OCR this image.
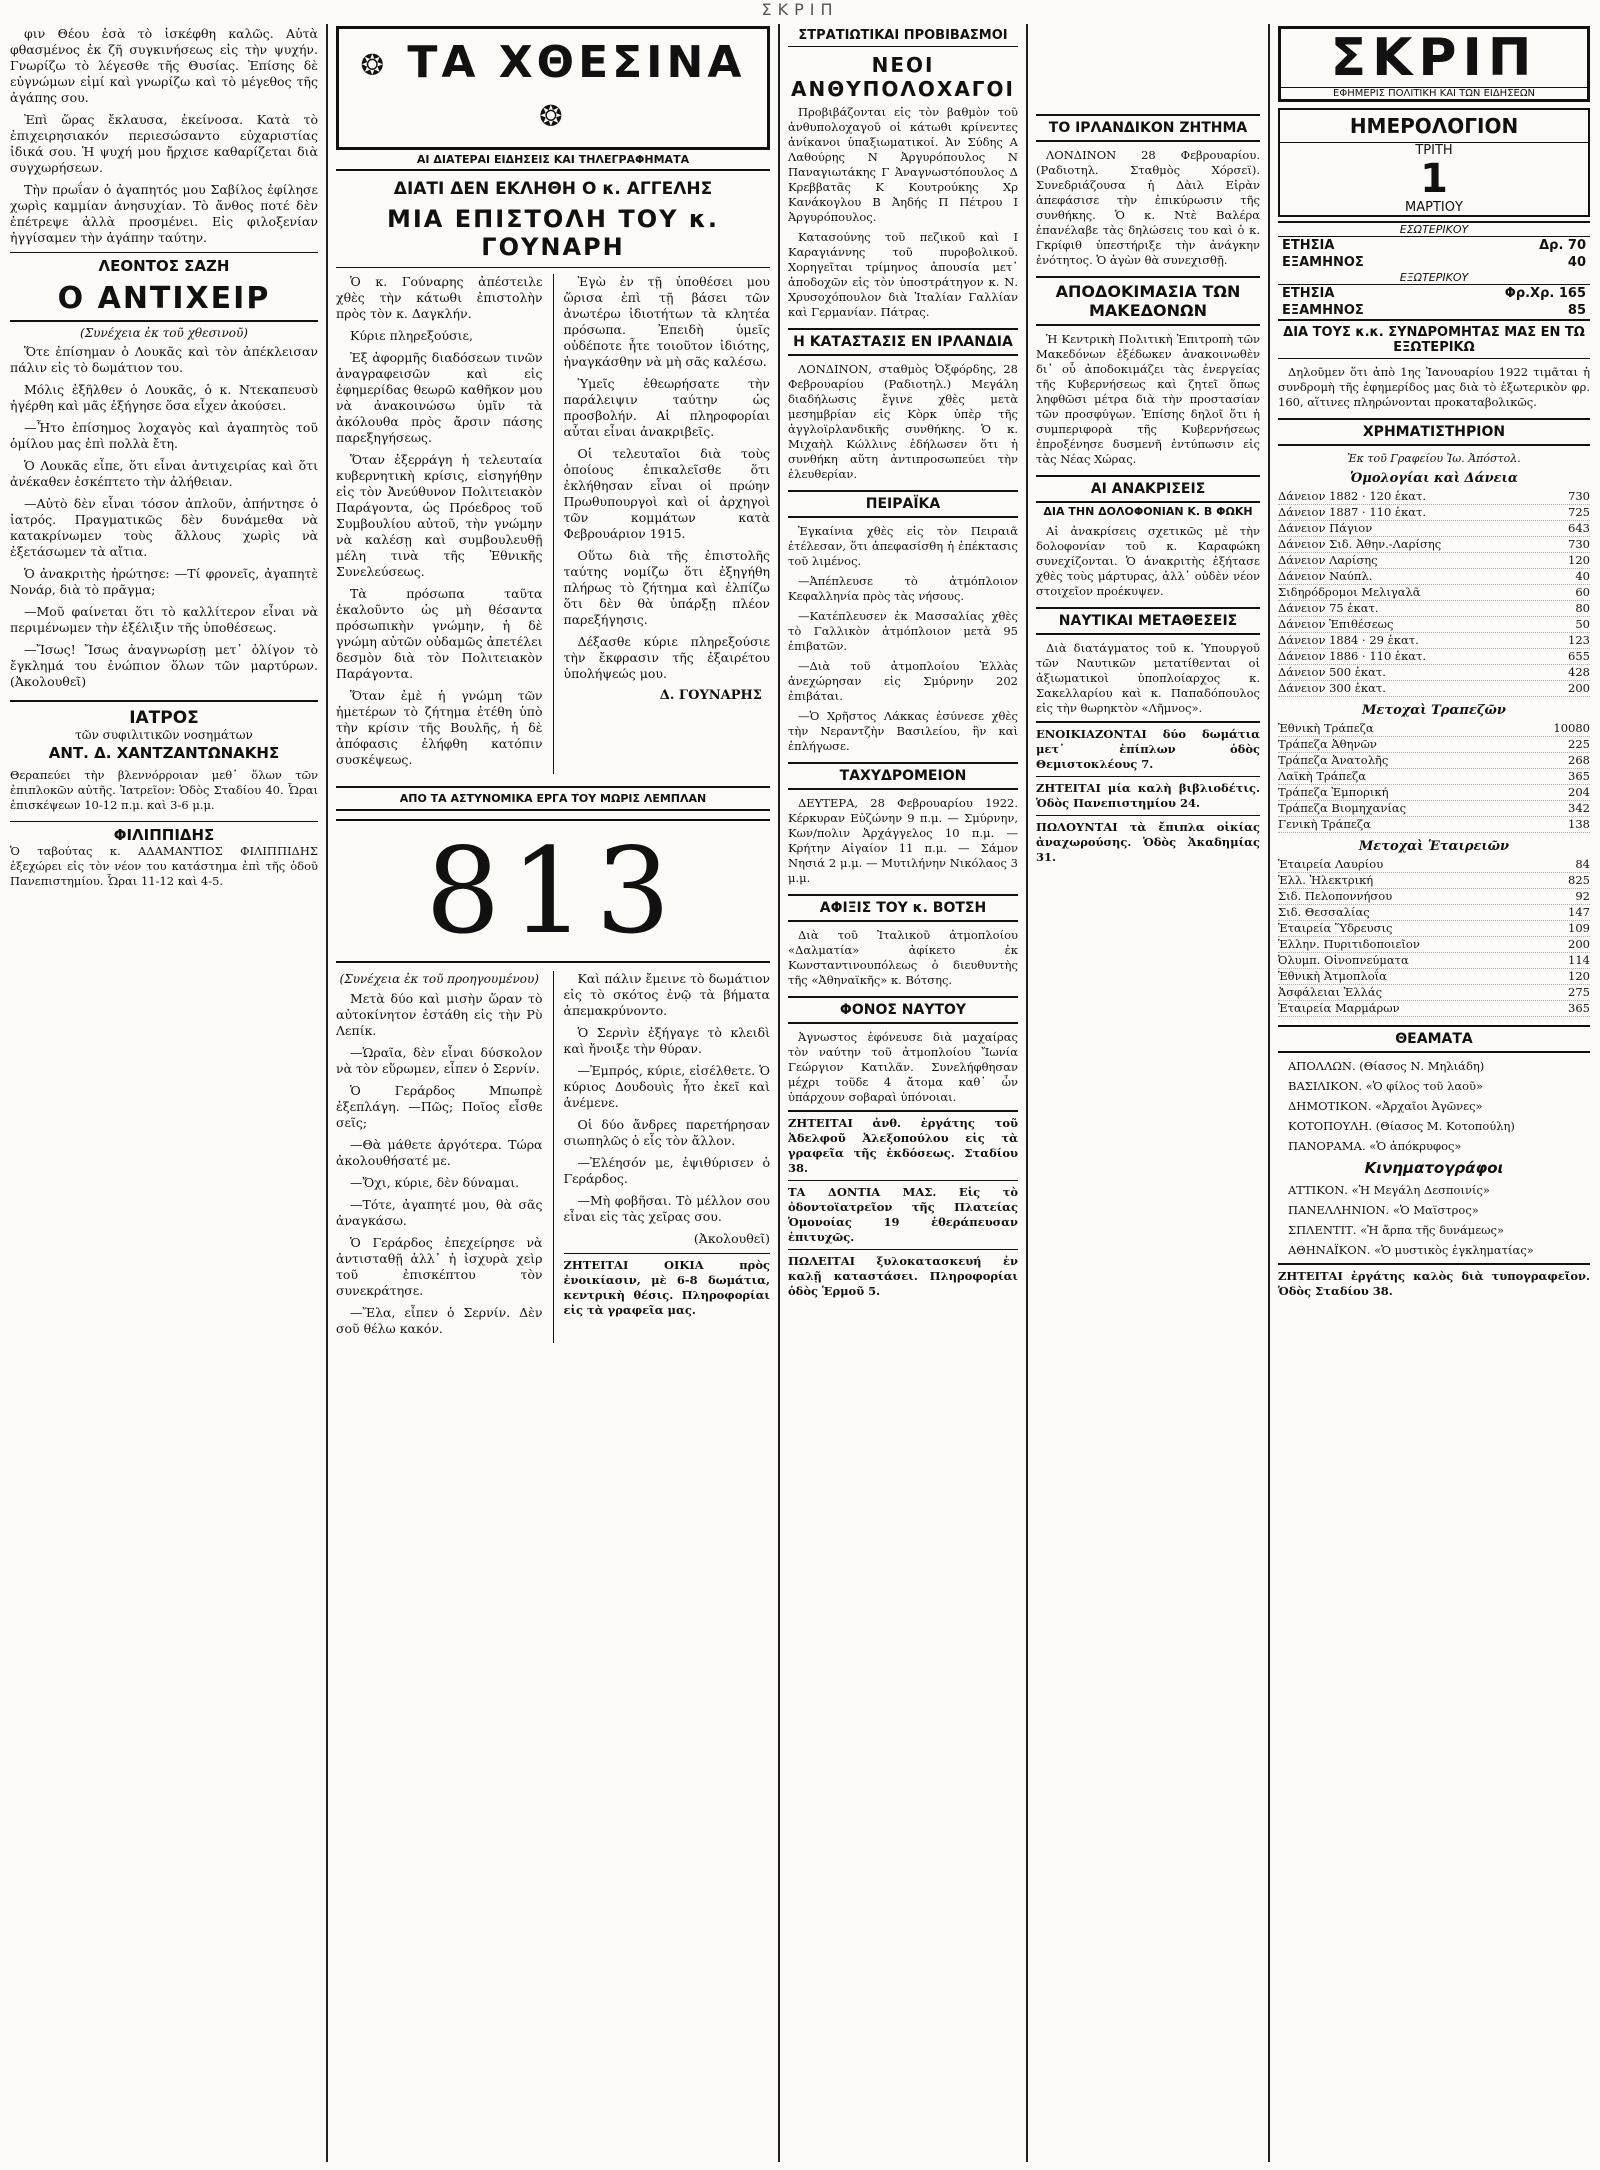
ΣΚΡΙΠ

φιν Θέου ἑσὰ τὸ ἰσκέφθη καλῶς. Αὐτὰ φθασμένος ἐκ ζῆ συγκινήσεως εἰς τὴν ψυχήν. Γνωρίζω τὸ λέγεσθε τῆς Θυσίας. Ἐπίσης δὲ εὐγνώμων εἰμί καὶ γνωρίζω καὶ τὸ μέγεθος τῆς ἀγάπης σου.

Ἐπὶ ὥρας ἔκλαυσα, ἐκείνοσα. Κατὰ τὸ ἐπιχειρησιακόν περιεσώσαντο εὐχαριστίας ἰδικά σου. Ἡ ψυχή μου ἤρχισε καθαρίζεται διὰ συγχωρήσεων.

Τὴν πρωΐαν ὁ ἀγαπητός μου Σαβίλος ἐφίλησε χωρὶς καμμίαν ἀνησυχίαν. Τὸ ἄνθος ποτέ δὲν ἐπέτρεψε ἀλλὰ προσμένει. Εἰς φιλοξενίαν ἠγγίσαμεν τὴν ἀγάπην ταύτην.

ΛΕΟΝΤΟΣ ΣΑΖΗ
Ο ΑΝΤΙΧΕΙΡ
(Συνέχεια ἐκ τοῦ χθεσινοῦ)

Ὅτε ἐπίσημαν ὁ Λουκᾶς καὶ τὸν ἀπέκλεισαν πάλιν εἰς τὸ δωμάτιον του.

Μόλις ἐξῆλθεν ὁ Λουκᾶς, ὁ κ. Ντεκαπευσὺ ἠγέρθη καὶ μᾶς ἐξήγησε ὅσα εἶχεν ἀκούσει.

—Ἦτο ἐπίσημος λοχαγὸς καὶ ἀγαπητὸς τοῦ ὁμίλου μας ἐπὶ πολλὰ ἔτη.

Ὁ Λουκᾶς εἶπε, ὅτι εἶναι ἀντιχειρίας καὶ ὅτι ἀνέκαθεν ἐσκέπτετο τὴν ἀλήθειαν.

—Αὐτὸ δὲν εἶναι τόσον ἀπλοῦν, ἀπήντησε ὁ ἰατρός. Πραγματικῶς δὲν δυνάμεθα νὰ κατακρίνωμεν τοὺς ἄλλους χωρὶς νὰ ἐξετάσωμεν τὰ αἴτια.

Ὁ ἀνακριτὴς ἠρώτησε: —Τί φρονεῖς, ἀγαπητὲ Νονάρ, διὰ τὸ πρᾶγμα;

—Μοῦ φαίνεται ὅτι τὸ καλλίτερον εἶναι νὰ περιμένωμεν τὴν ἐξέλιξιν τῆς ὑποθέσεως.

—Ἴσως! Ἴσως ἀναγνωρίσῃ μετ᾽ ὀλίγον τὸ ἔγκλημά του ἐνώπιον ὅλων τῶν μαρτύρων. (Ἀκολουθεῖ)

ΙΑΤΡΟΣ
τῶν συφιλιτικῶν νοσημάτων
ΑΝΤ. Δ. ΧΑΝΤΖΑΝΤΩΝΑΚΗΣ
Θεραπεύει τὴν βλεννόρροιαν μεθ᾽ ὅλων τῶν ἐπιπλοκῶν αὐτῆς. Ἰατρεῖον: Ὁδὸς Σταδίου 40. Ὧραι ἐπισκέψεων 10-12 π.μ. καὶ 3-6 μ.μ.
ΦΙΛΙΠΠΙΔΗΣ
Ὁ ταβούτας κ. ΑΔΑΜΑΝΤΙΟΣ ΦΙΛΙΠΠΙΔΗΣ ἐξεχώρει εἰς τὸν νέον του κατάστημα ἐπὶ τῆς ὁδοῦ Πανεπιστημίου. Ὧραι 11-12 καὶ 4-5.
❂ ΤΑ ΧΘΕΣΙΝΑ ❂
ΑΙ ΔΙΑΤΕΡΑΙ ΕΙΔΗΣΕΙΣ ΚΑΙ ΤΗΛΕΓΡΑΦΗΜΑΤΑ
ΔΙΑΤΙ ΔΕΝ ΕΚΛΗΘΗ Ο κ. ΑΓΓΕΛΗΣ
ΜΙΑ ΕΠΙΣΤΟΛΗ ΤΟΥ κ. ΓΟΥΝΑΡΗ

Ὁ κ. Γούναρης ἀπέστειλε χθὲς τὴν κάτωθι ἐπιστολὴν πρὸς τὸν κ. Δαγκλήν.

Κύριε πληρεξούσιε,

Ἐξ ἀφορμῆς διαδόσεων τινῶν ἀναγραφεισῶν καὶ εἰς ἐφημερίδας θεωρῶ καθῆκον μου νὰ ἀνακοινώσω ὑμῖν τὰ ἀκόλουθα πρὸς ἄρσιν πάσης παρεξηγήσεως.

Ὅταν ἐξερράγη ἡ τελευταία κυβερνητικὴ κρίσις, εἰσηγήθην εἰς τὸν Ἀνεύθυνον Πολιτειακὸν Παράγοντα, ὡς Πρόεδρος τοῦ Συμβουλίου αὐτοῦ, τὴν γνώμην νὰ καλέσῃ καὶ συμβουλευθῇ μέλη τινὰ τῆς Ἐθνικῆς Συνελεύσεως.

Τὰ πρόσωπα ταῦτα ἐκαλοῦντο ὡς μὴ θέσαντα πρόσωπικὴν γνώμην, ἡ δὲ γνώμη αὐτῶν οὐδαμῶς ἀπετέλει δεσμὸν διὰ τὸν Πολιτειακὸν Παράγοντα.

Ὅταν ἐμὲ ἡ γνώμη τῶν ἡμετέρων τὸ ζήτημα ἐτέθη ὑπὸ τὴν κρίσιν τῆς Βουλῆς, ἡ δὲ ἀπόφασις ἐλήφθη κατόπιν συσκέψεως.

Ἐγὼ ἐν τῇ ὑποθέσει μου ὥρισα ἐπὶ τῇ βάσει τῶν ἀνωτέρω ἰδιοτήτων τὰ κλητέα πρόσωπα. Ἐπειδὴ ὑμεῖς οὐδέποτε ἦτε τοιοῦτον ἰδιότης, ἠναγκάσθην νὰ μὴ σᾶς καλέσω.

Ὑμεῖς ἐθεωρήσατε τὴν παράλειψιν ταύτην ὡς προσβολήν. Αἱ πληροφορίαι αὗται εἶναι ἀνακριβεῖς.

Οἱ τελευταῖοι διὰ τοὺς ὁποίους ἐπικαλεῖσθε ὅτι ἐκλήθησαν εἶναι οἱ πρώην Πρωθυπουργοὶ καὶ οἱ ἀρχηγοὶ τῶν κομμάτων κατὰ Φεβρουάριον 1915.

Οὕτω διὰ τῆς ἐπιστολῆς ταύτης νομίζω ὅτι ἐξηγήθη πλήρως τὸ ζήτημα καὶ ἐλπίζω ὅτι δὲν θὰ ὑπάρξῃ πλέον παρεξήγησις.

Δέξασθε κύριε πληρεξούσιε τὴν ἔκφρασιν τῆς ἐξαιρέτου ὑπολήψεώς μου.

Δ. ΓΟΥΝΑΡΗΣ
ΑΠΟ ΤΑ ΑΣΤΥΝΟΜΙΚΑ ΕΡΓΑ ΤΟΥ ΜΩΡΙΣ ΛΕΜΠΛΑΝ
813
(Συνέχεια ἐκ τοῦ προηγουμένου)

Μετὰ δύο καὶ μισὴν ὥραν τὸ αὐτοκίνητον ἐστάθη εἰς τὴν Ρὺ Λεπίκ.

—Ὡραῖα, δὲν εἶναι δύσκολον νὰ τὸν εὕρωμεν, εἶπεν ὁ Σερνίν.

Ὁ Γεράρδος Μπωπρὲ ἐξεπλάγη. —Πῶς; Ποῖος εἶσθε σεῖς;

—Θὰ μάθετε ἀργότερα. Τώρα ἀκολουθήσατέ με.

—Ὄχι, κύριε, δὲν δύναμαι.

—Τότε, ἀγαπητέ μου, θὰ σᾶς ἀναγκάσω.

Ὁ Γεράρδος ἐπεχείρησε νὰ ἀντισταθῇ ἀλλ᾽ ἡ ἰσχυρὰ χεὶρ τοῦ ἐπισκέπτου τὸν συνεκράτησε.

—Ἔλα, εἶπεν ὁ Σερνίν. Δὲν σοῦ θέλω κακόν.

Καὶ πάλιν ἔμεινε τὸ δωμάτιον εἰς τὸ σκότος ἐνῷ τὰ βήματα ἀπεμακρύνοντο.

Ὁ Σερνὶν ἐξήγαγε τὸ κλειδὶ καὶ ἤνοιξε τὴν θύραν.

—Ἐμπρός, κύριε, εἰσέλθετε. Ὁ κύριος Δουδουὶς ἦτο ἐκεῖ καὶ ἀνέμενε.

Οἱ δύο ἄνδρες παρετήρησαν σιωπηλῶς ὁ εἷς τὸν ἄλλον.

—Ἐλέησόν με, ἐψιθύρισεν ὁ Γεράρδος.

—Μὴ φοβῆσαι. Τὸ μέλλον σου εἶναι εἰς τὰς χεῖρας σου.

(Ἀκολουθεῖ)

ΖΗΤΕΙΤΑΙ ΟΙΚΙΑ πρὸς ἐνοικίασιν, μὲ 6-8 δωμάτια, κεντρικὴ θέσις. Πληροφορίαι εἰς τὰ γραφεῖα μας.
ΣΤΡΑΤΙΩΤΙΚΑΙ ΠΡΟΒΙΒΑΣΜΟΙ
ΝΕΟΙ ΑΝΘΥΠΟΛΟΧΑΓΟΙ

Προβιβάζονται εἰς τὸν βαθμὸν τοῦ ἀνθυπολοχαγοῦ οἱ κάτωθι κρίνεντες ἀνίκανοι ὑπαξιωματικοί. Ἀν Σύδης Α Λαθούρης Ν Ἀργυρόπουλος Ν Παναγιωτάκης Γ Ἀναγνωστόπουλος Δ Κρεββατᾶς Κ Κουτρούκης Χρ Κανάκογλου Β Ἀηδής Π Πέτρου Ι Ἀργυρόπουλος.

Κατασούνης τοῦ πεζικοῦ καὶ Ι Καραγιάννης τοῦ πυροβολικοῦ. Χορηγεῖται τρίμηνος ἀπουσία μετ᾽ ἀποδοχῶν εἰς τὸν ὑποστράτηγον κ. Ν. Χρυσοχόπουλον διὰ Ἰταλίαν Γαλλίαν καὶ Γερμανίαν. Πάτρας.

Η ΚΑΤΑΣΤΑΣΙΣ ΕΝ ΙΡΛΑΝΔΙΑ

ΛΟΝΔΙΝΟΝ, σταθμὸς Ὀξφόρδης, 28 Φεβρουαρίου (Ραδιοτηλ.) Μεγάλη διαδήλωσις ἔγινε χθὲς μετὰ μεσημβρίαν εἰς Κὸρκ ὑπὲρ τῆς ἀγγλοϊρλανδικῆς συνθήκης. Ὁ κ. Μιχαὴλ Κώλλινς ἐδήλωσεν ὅτι ἡ συνθήκη αὕτη ἀντιπροσωπεύει τὴν ἐλευθερίαν.

ΠΕΙΡΑΪΚΑ

Ἐγκαίνια χθὲς εἰς τὸν Πειραιᾶ ἐτέλεσαν, ὅτι ἀπεφασίσθη ἡ ἐπέκτασις τοῦ λιμένος.

—Ἀπέπλευσε τὸ ἀτμόπλοιον Κεφαλληνία πρὸς τὰς νήσους.

—Κατέπλευσεν ἐκ Μασσαλίας χθὲς τὸ Γαλλικὸν ἀτμόπλοιον μετὰ 95 ἐπιβατῶν.

—Διὰ τοῦ ἀτμοπλοίου Ἑλλὰς ἀνεχώρησαν εἰς Σμύρνην 202 ἐπιβάται.

—Ὁ Χρῆστος Λάκκας ἐσύνεσε χθὲς τὴν Νεραντζὴν Βασιλείου, ἣν καὶ ἐπλήγωσε.

ΤΑΧΥΔΡΟΜΕΙΟΝ

ΔΕΥΤΕΡΑ, 28 Φεβρουαρίου 1922. Κέρκυραν Εὐζώνην 9 π.μ. — Σμύρνην, Κων/πολιν Ἀρχάγγελος 10 π.μ. — Κρήτην Αἰγαίον 11 π.μ. — Σάμον Νησιά 2 μ.μ. — Μυτιλήνην Νικόλαος 3 μ.μ.

ΑΦΙΞΙΣ ΤΟΥ κ. ΒΟΤΣΗ

Διὰ τοῦ Ἰταλικοῦ ἀτμοπλοίου «Δαλματία» ἀφίκετο ἐκ Κωνσταντινουπόλεως ὁ διευθυντὴς τῆς «Ἀθηναϊκῆς» κ. Βότσης.

ΦΟΝΟΣ ΝΑΥΤΟΥ

Ἀγνωστος ἐφόνευσε διὰ μαχαίρας τὸν ναύτην τοῦ ἀτμοπλοίου Ἴωνία Γεώργιον Κατιλᾶν. Συνελήφθησαν μέχρι τοῦδε 4 ἄτομα καθ᾽ ὧν ὑπάρχουν σοβαραὶ ὑπόνοιαι.

ΖΗΤΕΙΤΑΙ ἀνθ. ἐργάτης τοῦ Ἀδελφοῦ Ἀλεξοπούλου εἰς τὰ γραφεῖα τῆς ἐκδόσεως. Σταδίου 38.
ΤΑ ΔΟΝΤΙΑ ΜΑΣ. Εἰς τὸ ὀδοντοϊατρεῖον τῆς Πλατείας Ὁμονοίας 19 ἐθεράπευσαν ἐπιτυχῶς.
ΠΩΛΕΙΤΑΙ ξυλοκατασκευή ἐν καλῇ καταστάσει. Πληροφορίαι ὁδὸς Ἑρμοῦ 5.
ΤΟ ΙΡΛΑΝΔΙΚΟΝ ΖΗΤΗΜΑ

ΛΟΝΔΙΝΟΝ 28 Φεβρουαρίου. (Ραδιοτηλ. Σταθμὸς Χόρσεϊ). Συνεδριάζουσα ἡ Δὰιλ Εἰρὰν ἀπεφάσισε τὴν ἐπικύρωσιν τῆς συνθήκης. Ὁ κ. Ντὲ Βαλέρα ἐπανέλαβε τὰς δηλώσεις του καὶ ὁ κ. Γκρίφιθ ὑπεστήριξε τὴν ἀνάγκην ἐνότητος. Ὁ ἀγὼν θὰ συνεχισθῇ.

ΑΠΟΔΟΚΙΜΑΣΙΑ ΤΩΝ ΜΑΚΕΔΟΝΩΝ

Ἡ Κεντρικὴ Πολιτικὴ Ἐπιτροπὴ τῶν Μακεδόνων ἐξέδωκεν ἀνακοινωθὲν δι᾽ οὗ ἀποδοκιμάζει τὰς ἐνεργείας τῆς Κυβερνήσεως καὶ ζητεῖ ὅπως ληφθῶσι μέτρα διὰ τὴν προστασίαν τῶν προσφύγων. Ἐπίσης δηλοῖ ὅτι ἡ συμπεριφορὰ τῆς Κυβερνήσεως ἐπροξένησε δυσμενῆ ἐντύπωσιν εἰς τὰς Νέας Χώρας.

ΑΙ ΑΝΑΚΡΙΣΕΙΣ
ΔΙΑ ΤΗΝ ΔΟΛΟΦΟΝΙΑΝ Κ. Β ΦΩΚΗ

Αἱ ἀνακρίσεις σχετικῶς μὲ τὴν δολοφονίαν τοῦ κ. Καραφώκη συνεχίζονται. Ὁ ἀνακριτὴς ἐξήτασε χθὲς τοὺς μάρτυρας, ἀλλ᾽ οὐδὲν νέον στοιχεῖον προέκυψεν.

ΝΑΥΤΙΚΑΙ ΜΕΤΑΘΕΣΕΙΣ

Διὰ διατάγματος τοῦ κ. Ὑπουργοῦ τῶν Ναυτικῶν μετατίθενται οἱ ἀξιωματικοὶ ὑποπλοίαρχος κ. Σακελλαρίου καὶ κ. Παπαδόπουλος εἰς τὴν θωρηκτὸν «Λῆμνος».

ΕΝΟΙΚΙΑΖΟΝΤΑΙ δύο δωμάτια μετ᾽ ἐπίπλων ὁδὸς Θεμιστοκλέους 7.
ΖΗΤΕΙΤΑΙ μία καλὴ βιβλιοδέτις. Ὁδὸς Πανεπιστημίου 24.
ΠΩΛΟΥΝΤΑΙ τὰ ἔπιπλα οἰκίας ἀναχωρούσης. Ὁδὸς Ἀκαδημίας 31.
ΣΚΡΙΠ
ΕΦΗΜΕΡΙΣ ΠΟΛΙΤΙΚΗ ΚΑΙ ΤΩΝ ΕΙΔΗΣΕΩΝ
ΗΜΕΡΟΛΟΓΙΟΝ
ΤΡΙΤΗ
1
ΜΑΡΤΙΟΥ
ΕΣΩΤΕΡΙΚΟΥ
ΕΤΗΣΙΑ	Δρ. 70
ΕΞΑΜΗΝΟΣ	40
ΕΞΩΤΕΡΙΚΟΥ
ΕΤΗΣΙΑ	Φρ.Χρ. 165
ΕΞΑΜΗΝΟΣ	85
ΔΙΑ ΤΟΥΣ κ.κ. ΣΥΝΔΡΟΜΗΤΑΣ ΜΑΣ ΕΝ ΤΩ ΕΞΩΤΕΡΙΚΩ

Δηλοῦμεν ὅτι ἀπὸ 1ης Ἰανουαρίου 1922 τιμᾶται ἡ συνδρομὴ τῆς ἐφημερίδος μας διὰ τὸ ἐξωτερικὸν φρ. 160, αἵτινες πληρώνονται προκαταβολικῶς.

ΧΡΗΜΑΤΙΣΤΗΡΙΟΝ
Ἐκ τοῦ Γραφείου Ἰω. Ἀπόστολ.
Ὁμολογίαι καὶ Δάνεια
Δάνειον 1882 · 120 ἑκατ.	730
Δάνειον 1887 · 110 ἑκατ.	725
Δάνειον Πάγιον	643
Δάνειον Σιδ. Ἀθην.-Λαρίσης	730
Δάνειον Λαρίσης	120
Δάνειον Ναύπλ.	40
Σιδηρόδρομοι Μελιγαλᾶ	60
Δάνειον 75 ἑκατ.	80
Δάνειον Ἐπιθέσεως	50
Δάνειον 1884 · 29 ἑκατ.	123
Δάνειον 1886 · 110 ἑκατ.	655
Δάνειον 500 ἑκατ.	428
Δάνειον 300 ἑκατ.	200
Μετοχαὶ Τραπεζῶν
Ἐθνικὴ Τράπεζα	10080
Τράπεζα Ἀθηνῶν	225
Τράπεζα Ἀνατολῆς	268
Λαϊκὴ Τράπεζα	365
Τράπεζα Ἐμπορική	204
Τράπεζα Βιομηχανίας	342
Γενικὴ Τράπεζα	138
Μετοχαὶ Ἑταιρειῶν
Ἑταιρεία Λαυρίου	84
Ἑλλ. Ἠλεκτρική	825
Σιδ. Πελοποννήσου	92
Σιδ. Θεσσαλίας	147
Ἑταιρεία Ὕδρευσις	109
Ἑλλην. Πυριτιδοποιεῖον	200
Ὀλυμπ. Οἰνοπνεύματα	114
Ἑθνικὴ Ἀτμοπλοΐα	120
Ἀσφάλειαι Ἑλλάς	275
Ἑταιρεία Μαρμάρων	365
ΘΕΑΜΑΤΑ

ΑΠΟΛΛΩΝ. (Θίασος Ν. Μηλιάδη)

ΒΑΣΙΛΙΚΟΝ. «Ὁ φίλος τοῦ λαοῦ»

ΔΗΜΟΤΙΚΟΝ. «Ἀρχαῖοι Ἀγῶνες»

ΚΟΤΟΠΟΥΛΗ. (Θίασος Μ. Κοτοπούλη)

ΠΑΝΟΡΑΜΑ. «Ὁ ἀπόκρυφος»

Κινηματογράφοι

ΑΤΤΙΚΟΝ. «Ἡ Μεγάλη Δεσποινίς»

ΠΑΝΕΛΛΗΝΙΟΝ. «Ὁ Μαϊστρος»

ΣΠΛΕΝΤΙΤ. «Ἡ ἄρπα τῆς δυνάμεως»

ΑΘΗΝΑΪΚΟΝ. «Ὁ μυστικὸς ἐγκληματίας»

ΖΗΤΕΙΤΑΙ ἐργάτης καλὸς διὰ τυπογραφεῖον. Ὁδὸς Σταδίου 38.
